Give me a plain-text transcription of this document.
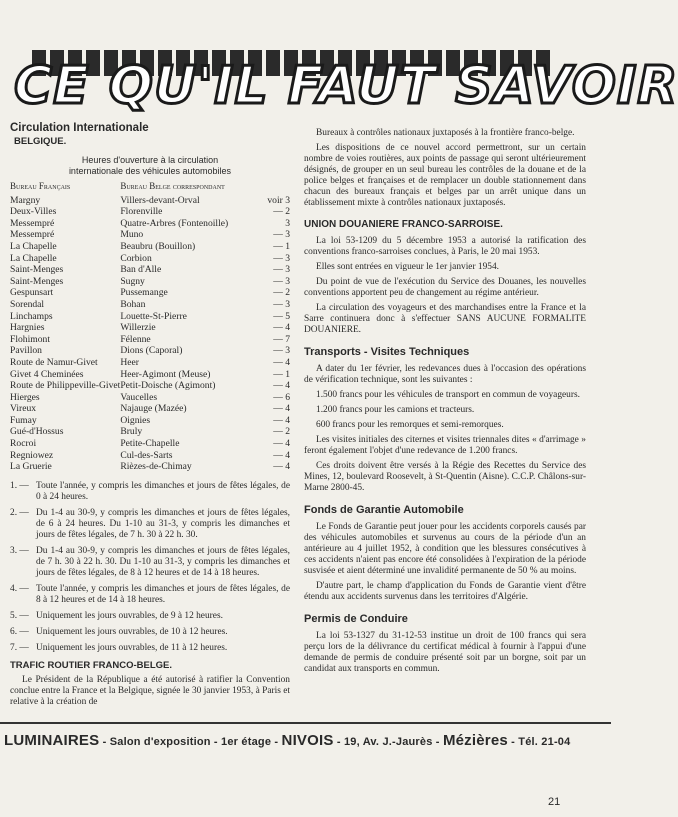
CE QU'IL FAUT SAVOIR
Circulation Internationale
BELGIQUE.
Heures d'ouverture à la circulation
internationale des véhicules automobiles
Bureau Français	Bureau Belge correspondant	
Margny	Villers-devant-Orval	voir 3
Deux-Villes	Florenville	— 2
Messempré	Quatre-Arbres (Fontenoille)	3
Messempré	Muno	— 3
La Chapelle	Beaubru (Bouillon)	— 1
La Chapelle	Corbion	— 3
Saint-Menges	Ban d'Alle	— 3
Saint-Menges	Sugny	— 3
Gespunsart	Pussemange	— 2
Sorendal	Bohan	— 3
Linchamps	Louette-St-Pierre	— 5
Hargnies	Willerzie	— 4
Flohimont	Félenne	— 7
Pavillon	Dions (Caporal)	— 3
Route de Namur-Givet	Heer	— 4
Givet 4 Cheminées	Heer-Agimont (Meuse)	— 1
Route de Philippeville-Givet	Petit-Doische (Agimont)	— 4
Hierges	Vaucelles	— 6
Vireux	Najauge (Mazée)	— 4
Fumay	Oignies	— 4
Gué-d'Hossus	Bruly	— 2
Rocroi	Petite-Chapelle	— 4
Regniowez	Cul-des-Sarts	— 4
La Gruerie	Rièzes-de-Chimay	— 4
1. — Toute l'année, y compris les dimanches et jours de fêtes légales, de 0 à 24 heures.
2. — Du 1-4 au 30-9, y compris les dimanches et jours de fêtes légales, de 6 à 24 heures. Du 1-10 au 31-3, y compris les dimanches et jours de fêtes légales, de 7 h. 30 à 22 h. 30.
3. — Du 1-4 au 30-9, y compris les dimanches et jours de fêtes légales, de 7 h. 30 à 22 h. 30. Du 1-10 au 31-3, y compris les dimanches et jours de fêtes légales, de 8 à 12 heures et de 14 à 18 heures.
4. — Toute l'année, y compris les dimanches et jours de fêtes légales, de 8 à 12 heures et de 14 à 18 heures.
5. — Uniquement les jours ouvrables, de 9 à 12 heures.
6. — Uniquement les jours ouvrables, de 10 à 12 heures.
7. — Uniquement les jours ouvrables, de 11 à 12 heures.
TRAFIC ROUTIER FRANCO-BELGE.

Le Président de la République a été autorisé à ratifier la Convention conclue entre la France et la Belgique, signée le 30 janvier 1953, à Paris et relative à la création de

Bureaux à contrôles nationaux juxtaposés à la frontière franco-belge.

Les dispositions de ce nouvel accord permettront, sur un certain nombre de voies routières, aux points de passage qui seront ultérieurement désignés, de grouper en un seul bureau les contrôles de la douane et de la police belges et françaises et de remplacer un double stationnement dans chacun des bureaux français et belges par un arrêt unique dans un établissement mixte à contrôles nationaux juxtaposés.

UNION DOUANIERE FRANCO-SARROISE.

La loi 53-1209 du 5 décembre 1953 a autorisé la ratification des conventions franco-sarroises conclues, à Paris, le 20 mai 1953.

Elles sont entrées en vigueur le 1er janvier 1954.

Du point de vue de l'exécution du Service des Douanes, les nouvelles conventions apportent peu de changement au régime antérieur.

La circulation des voyageurs et des marchandises entre la France et la Sarre continuera donc à s'effectuer SANS AUCUNE FORMALITE DOUANIERE.

Transports - Visites Techniques

A dater du 1er février, les redevances dues à l'occasion des opérations de vérification technique, sont les suivantes :

1.500 francs pour les véhicules de transport en commun de voyageurs.

1.200 francs pour les camions et tracteurs.

600 francs pour les remorques et semi-remorques.

Les visites initiales des citernes et visites triennales dites « d'arrimage » feront également l'objet d'une redevance de 1.200 francs.

Ces droits doivent être versés à la Régie des Recettes du Service des Mines, 12, boulevard Roosevelt, à St-Quentin (Aisne). C.C.P. Châlons-sur-Marne 2800-45.

Fonds de Garantie Automobile

Le Fonds de Garantie peut jouer pour les accidents corporels causés par des véhicules automobiles et survenus au cours de la période d'un an antérieure au 4 juillet 1952, à condition que les blessures consécutives à ces accidents n'aient pas encore été consolidées à l'expiration de la période susvisée et aient déterminé une invalidité permanente de 50 % au moins.

D'autre part, le champ d'application du Fonds de Garantie vient d'être étendu aux accidents survenus dans les territoires d'Algérie.

Permis de Conduire

La loi 53-1327 du 31-12-53 institue un droit de 100 francs qui sera perçu lors de la délivrance du certificat médical à fournir à l'appui d'une demande de permis de conduire présenté soit par un borgne, soit par un candidat aux transports en commun.

LUMINAIRES - Salon d'exposition - 1er étage - NIVOIS - 19, Av. J.-Jaurès - Mézières - Tél. 21-04
21
